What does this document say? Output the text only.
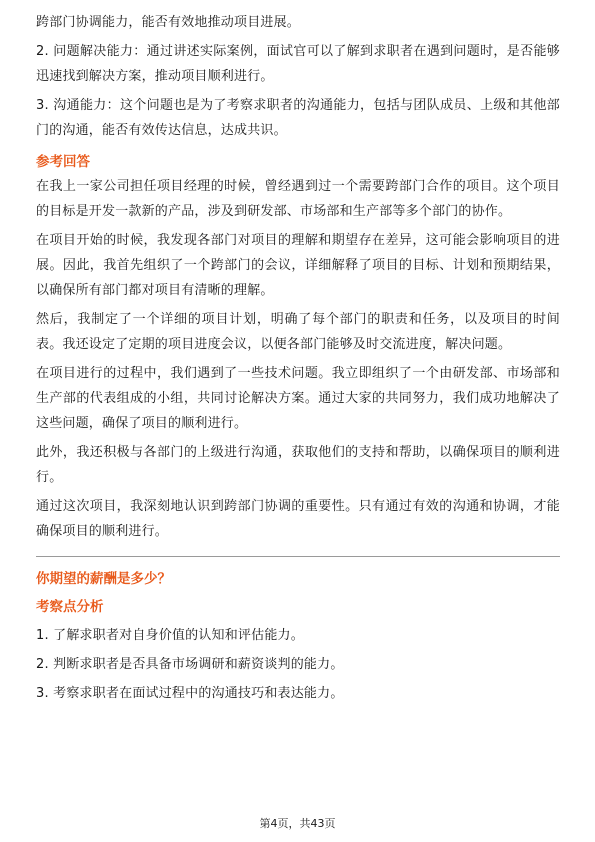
跨部门协调能力，能否有效地推动项目进展。

2. 问题解决能力：通过讲述实际案例，面试官可以了解到求职者在遇到问题时，是否能够迅速找到解决方案，推动项目顺利进行。

3. 沟通能力：这个问题也是为了考察求职者的沟通能力，包括与团队成员、上级和其他部门的沟通，能否有效传达信息，达成共识。

参考回答

在我上一家公司担任项目经理的时候，曾经遇到过一个需要跨部门合作的项目。这个项目的目标是开发一款新的产品，涉及到研发部、市场部和生产部等多个部门的协作。

在项目开始的时候，我发现各部门对项目的理解和期望存在差异，这可能会影响项目的进展。因此，我首先组织了一个跨部门的会议，详细解释了项目的目标、计划和预期结果，以确保所有部门都对项目有清晰的理解。

然后，我制定了一个详细的项目计划，明确了每个部门的职责和任务，以及项目的时间表。我还设定了定期的项目进度会议，以便各部门能够及时交流进度，解决问题。

在项目进行的过程中，我们遇到了一些技术问题。我立即组织了一个由研发部、市场部和生产部的代表组成的小组，共同讨论解决方案。通过大家的共同努力，我们成功地解决了这些问题，确保了项目的顺利进行。

此外，我还积极与各部门的上级进行沟通，获取他们的支持和帮助，以确保项目的顺利进行。

通过这次项目，我深刻地认识到跨部门协调的重要性。只有通过有效的沟通和协调，才能确保项目的顺利进行。

你期望的薪酬是多少？
考察点分析

1. 了解求职者对自身价值的认知和评估能力。

2. 判断求职者是否具备市场调研和薪资谈判的能力。

3. 考察求职者在面试过程中的沟通技巧和表达能力。

第4页，共43页
